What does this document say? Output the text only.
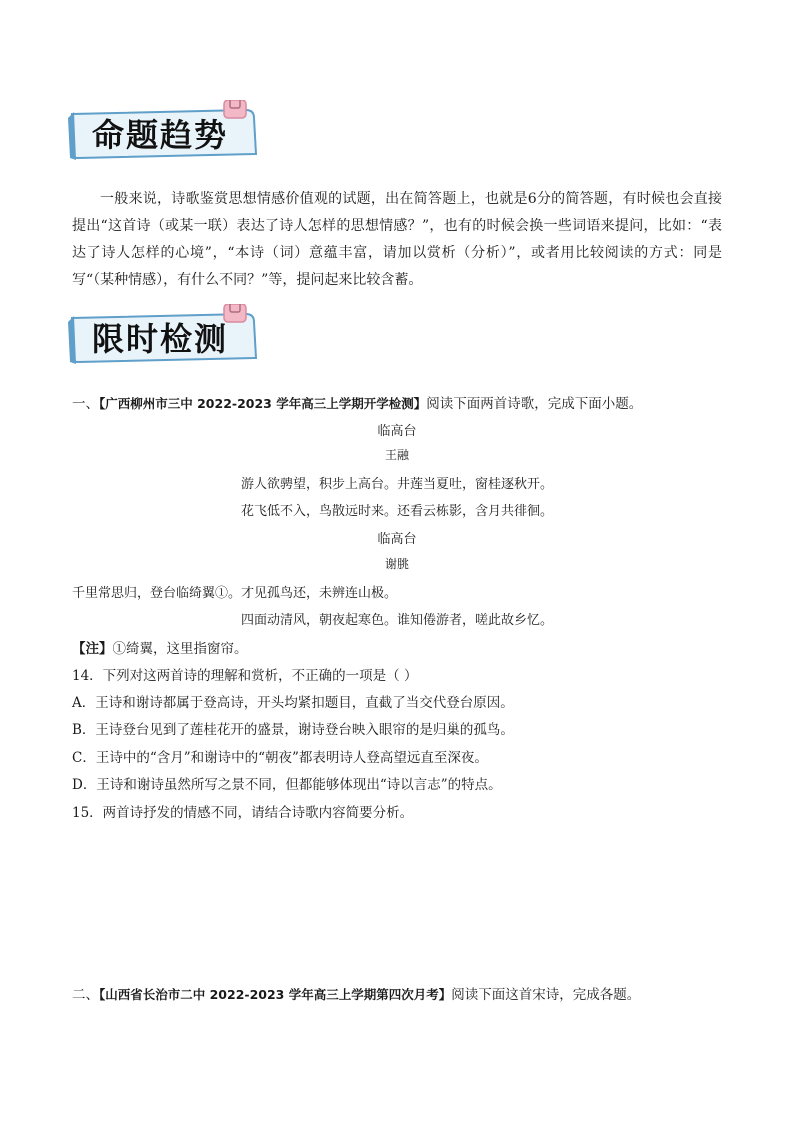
命题趋势

一般来说，诗歌鉴赏思想情感价值观的试题，出在简答题上，也就是6分的简答题，有时候也会直接提出“这首诗（或某一联）表达了诗人怎样的思想情感？”，也有的时候会换一些词语来提问，比如：“表达了诗人怎样的心境”，“本诗（词）意蕴丰富，请加以赏析（分析）”，或者用比较阅读的方式：同是写“（某种情感），有什么不同？”等，提问起来比较含蓄。

限时检测

一、【广西柳州市三中 2022-2023 学年高三上学期开学检测】阅读下面两首诗歌，完成下面小题。

临高台

王融

游人欲骋望，积步上高台。井莲当夏吐，窗桂逐秋开。

花飞低不入，鸟散远时来。还看云栋影，含月共徘徊。

临高台

谢朓

千里常思归，登台临绮翼①。才见孤鸟还，未辨连山极。

四面动清风，朝夜起寒色。谁知倦游者，嗟此故乡忆。

【注】①绮翼，这里指窗帘。

14．下列对这两首诗的理解和赏析，不正确的一项是（ ）

A．王诗和谢诗都属于登高诗，开头均紧扣题目，直截了当交代登台原因。

B．王诗登台见到了莲桂花开的盛景，谢诗登台映入眼帘的是归巢的孤鸟。

C．王诗中的“含月”和谢诗中的“朝夜”都表明诗人登高望远直至深夜。

D．王诗和谢诗虽然所写之景不同，但都能够体现出“诗以言志”的特点。

15．两首诗抒发的情感不同，请结合诗歌内容简要分析。

二、【山西省长治市二中 2022-2023 学年高三上学期第四次月考】阅读下面这首宋诗，完成各题。
